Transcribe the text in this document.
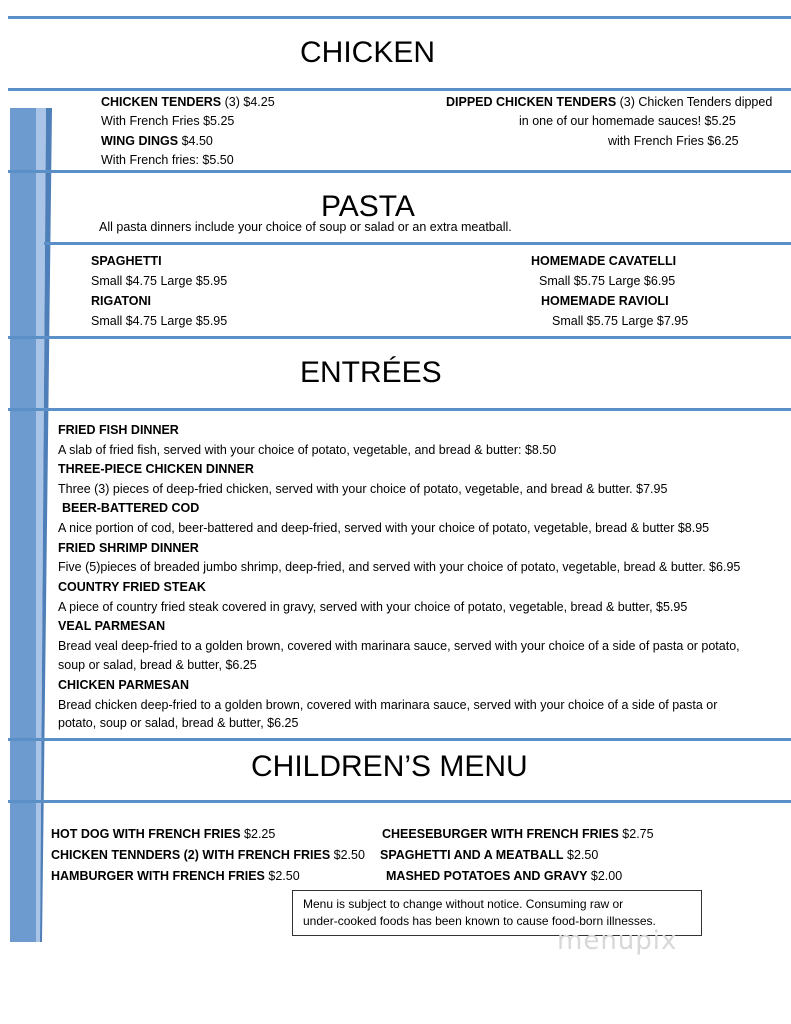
CHICKEN
CHICKEN TENDERS (3) $4.25
With French Fries $5.25
WING DINGS $4.50
With French fries: $5.50
DIPPED CHICKEN TENDERS (3) Chicken Tenders dipped
in one of our homemade sauces! $5.25
with French Fries $6.25
PASTA
All pasta dinners include your choice of soup or salad or an extra meatball.
SPAGHETTI
Small $4.75 Large $5.95
RIGATONI
Small $4.75 Large $5.95
HOMEMADE CAVATELLI
Small $5.75 Large $6.95
HOMEMADE RAVIOLI
Small $5.75 Large $7.95
ENTRÉES
FRIED FISH DINNER
A slab of fried fish, served with your choice of potato, vegetable, and bread & butter: $8.50
THREE-PIECE CHICKEN DINNER
Three (3) pieces of deep-fried chicken, served with your choice of potato, vegetable, and bread & butter. $7.95
BEER-BATTERED COD
A nice portion of cod, beer-battered and deep-fried, served with your choice of potato, vegetable, bread & butter $8.95
FRIED SHRIMP DINNER
Five (5)pieces of breaded jumbo shrimp, deep-fried, and served with your choice of potato, vegetable, bread & butter. $6.95
COUNTRY FRIED STEAK
A piece of country fried steak covered in gravy, served with your choice of potato, vegetable, bread & butter, $5.95
VEAL PARMESAN
Bread veal deep-fried to a golden brown, covered with marinara sauce, served with your choice of a side of pasta or potato,
soup or salad, bread & butter, $6.25
CHICKEN PARMESAN
Bread chicken deep-fried to a golden brown, covered with marinara sauce, served with your choice of a side of pasta or
potato, soup or salad, bread & butter, $6.25
CHILDREN’S MENU
HOT DOG WITH FRENCH FRIES $2.25
CHICKEN TENNDERS (2) WITH FRENCH FRIES $2.50
HAMBURGER WITH FRENCH FRIES $2.50
CHEESEBURGER WITH FRENCH FRIES $2.75
SPAGHETTI AND A MEATBALL $2.50
MASHED POTATOES AND GRAVY $2.00
Menu is subject to change without notice. Consuming raw or
under-cooked foods has been known to cause food-born illnesses.
menupix
